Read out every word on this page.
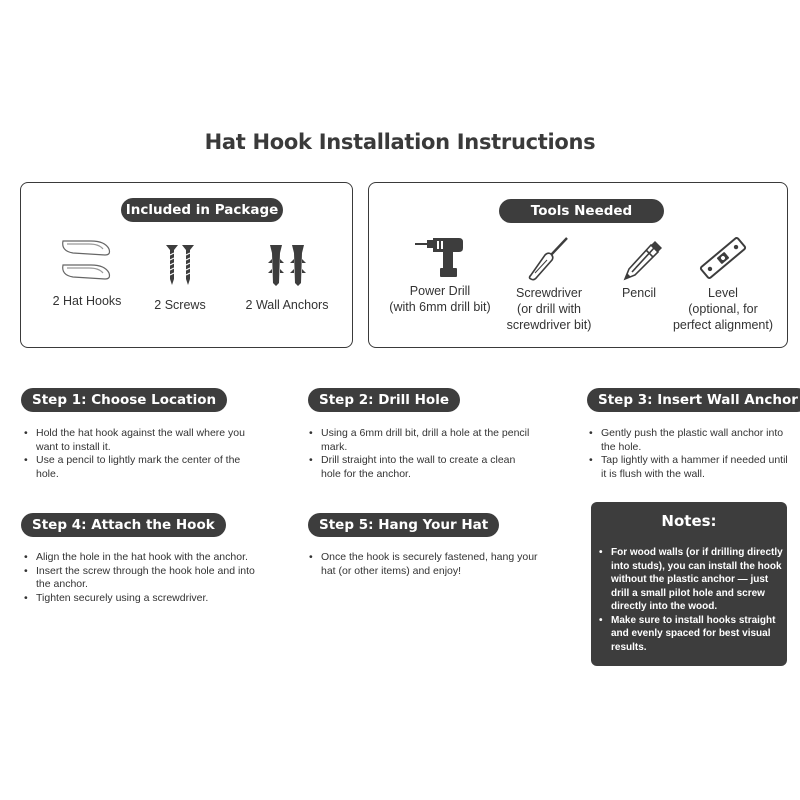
Hat Hook Installation Instructions
Included in Package
2 Hat Hooks	2 Screws	2 Wall Anchors
Tools Needed
Power Drill
(with 6mm drill bit)
Screwdriver
(or drill with
screwdriver bit)
Pencil	Level
(optional, for
perfect alignment)
Step 1: Choose Location
• Hold the hat hook against the wall where you want to install it.
• Use a pencil to lightly mark the center of the hole.
Step 2: Drill Hole
• Using a 6mm drill bit, drill a hole at the pencil mark.
• Drill straight into the wall to create a clean hole for the anchor.
Step 3: Insert Wall Anchor
• Gently push the plastic wall anchor into the hole.
• Tap lightly with a hammer if needed until it is flush with the wall.
Step 4: Attach the Hook
• Align the hole in the hat hook with the anchor.
• Insert the screw through the hook hole and into the anchor.
• Tighten securely using a screwdriver.
Step 5: Hang Your Hat
• Once the hook is securely fastened, hang your hat (or other items) and enjoy!
Notes:
• For wood walls (or if drilling directly into studs), you can install the hook without the plastic anchor — just drill a small pilot hole and screw directly into the wood.
• Make sure to install hooks straight and evenly spaced for best visual results.
